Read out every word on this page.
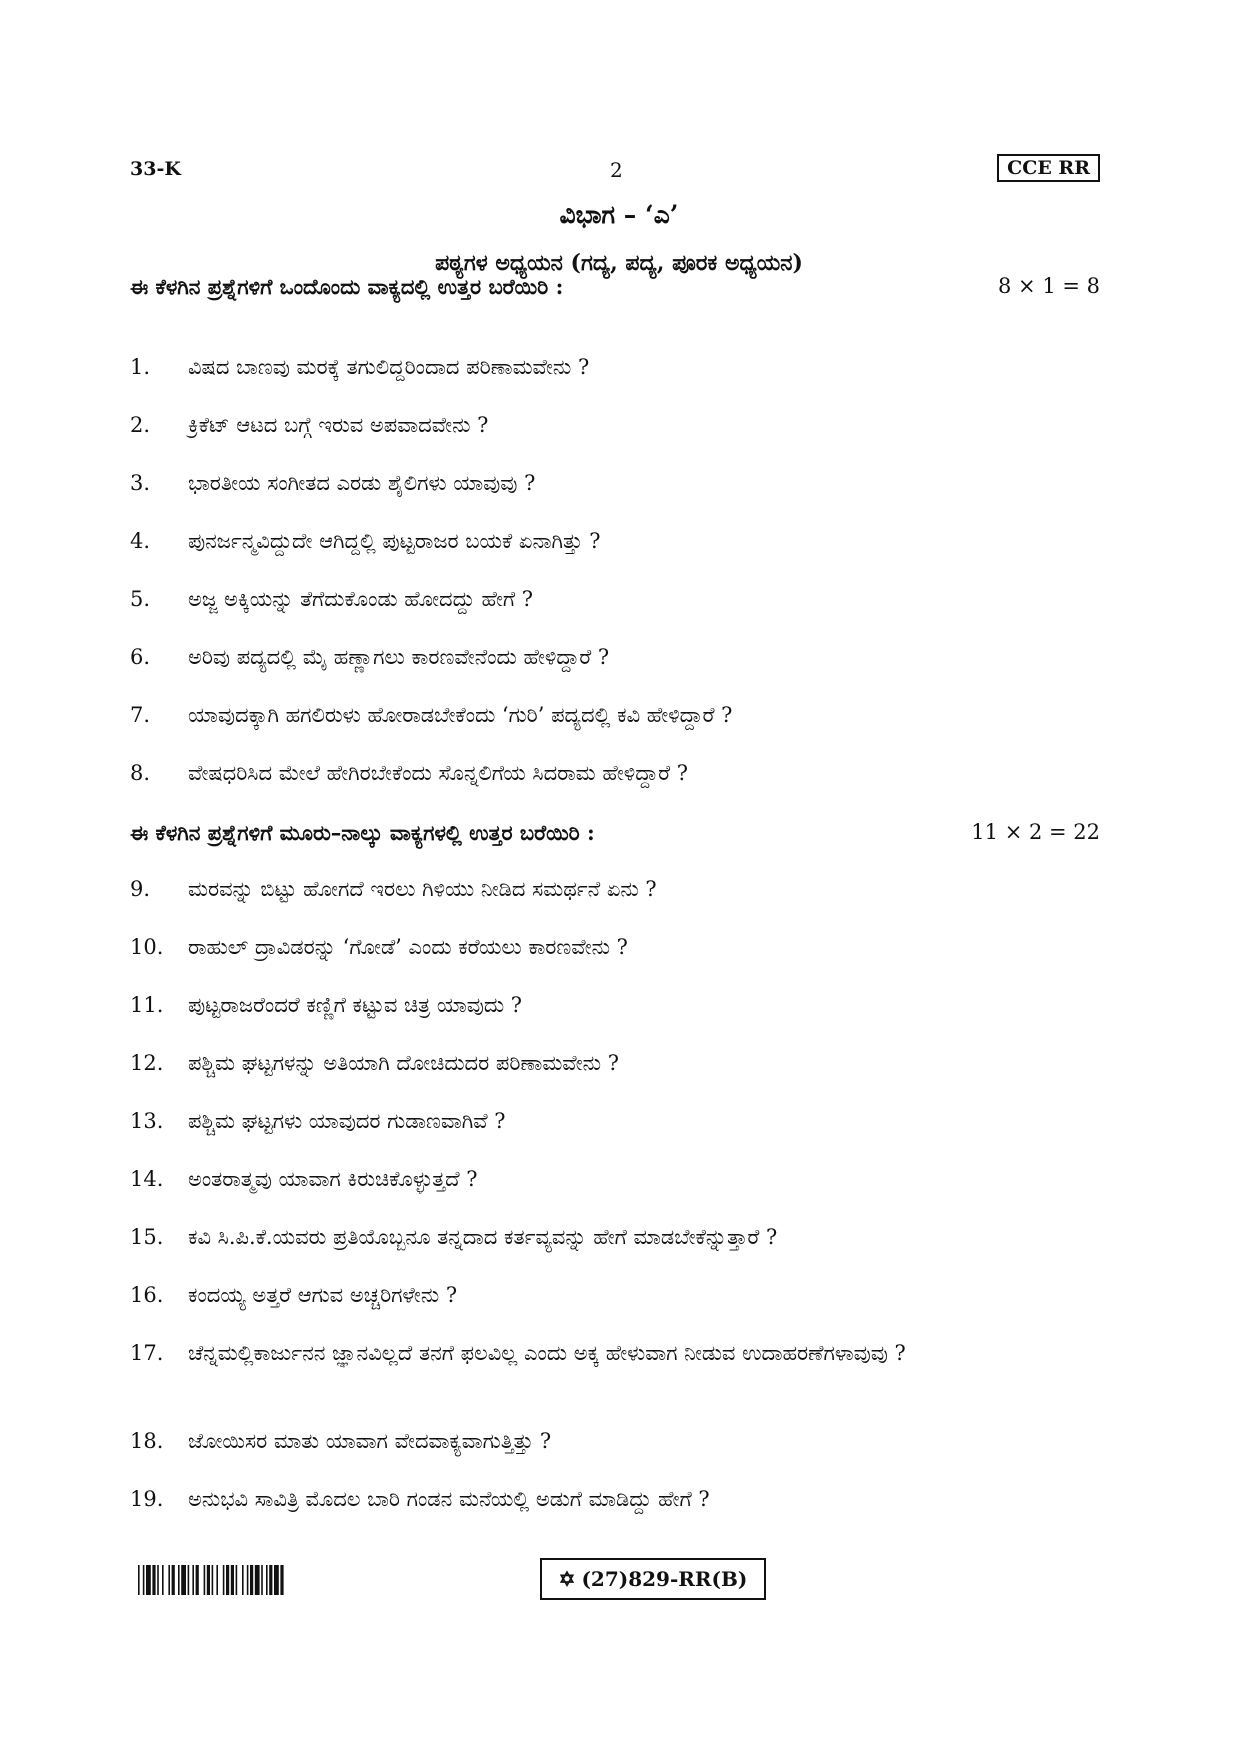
33-K	2	CCE RR
ವಿಭಾಗ – ‘ಎ’
ಪಠ್ಯಗಳ ಅಧ್ಯಯನ (ಗದ್ಯ, ಪದ್ಯ, ಪೂರಕ ಅಧ್ಯಯನ)
ಈ ಕೆಳಗಿನ ಪ್ರಶ್ನೆಗಳಿಗೆ ಒಂದೊಂದು ವಾಕ್ಯದಲ್ಲಿ ಉತ್ತರ ಬರೆಯಿರಿ :	8 × 1 = 8
1.	ವಿಷದ ಬಾಣವು ಮರಕ್ಕೆ ತಗುಲಿದ್ದರಿಂದಾದ ಪರಿಣಾಮವೇನು ?
2.	ಕ್ರಿಕೆಟ್ ಆಟದ ಬಗ್ಗೆ ಇರುವ ಅಪವಾದವೇನು ?
3.	ಭಾರತೀಯ ಸಂಗೀತದ ಎರಡು ಶೈಲಿಗಳು ಯಾವುವು ?
4.	ಪುನರ್ಜನ್ಮವಿದ್ದುದೇ ಆಗಿದ್ದಲ್ಲಿ ಪುಟ್ಟರಾಜರ ಬಯಕೆ ಏನಾಗಿತ್ತು ?
5.	ಅಜ್ಜ ಅಕ್ಕಿಯನ್ನು ತೆಗೆದುಕೊಂಡು ಹೋದದ್ದು ಹೇಗೆ ?
6.	ಅರಿವು ಪದ್ಯದಲ್ಲಿ ಮೈ ಹಣ್ಣಾಗಲು ಕಾರಣವೇನೆಂದು ಹೇಳಿದ್ದಾರೆ ?
7.	ಯಾವುದಕ್ಕಾಗಿ ಹಗಲಿರುಳು ಹೋರಾಡಬೇಕೆಂದು ‘ಗುರಿ’ ಪದ್ಯದಲ್ಲಿ ಕವಿ ಹೇಳಿದ್ದಾರೆ ?
8.	ವೇಷಧರಿಸಿದ ಮೇಲೆ ಹೇಗಿರಬೇಕೆಂದು ಸೊನ್ನಲಿಗೆಯ ಸಿದರಾಮ ಹೇಳಿದ್ದಾರೆ ?
ಈ ಕೆಳಗಿನ ಪ್ರಶ್ನೆಗಳಿಗೆ ಮೂರು–ನಾಲ್ಕು ವಾಕ್ಯಗಳಲ್ಲಿ ಉತ್ತರ ಬರೆಯಿರಿ :	11 × 2 = 22
9.	ಮರವನ್ನು ಬಿಟ್ಟು ಹೋಗದೆ ಇರಲು ಗಿಳಿಯು ನೀಡಿದ ಸಮರ್ಥನೆ ಏನು ?
10.	ರಾಹುಲ್ ದ್ರಾವಿಡರನ್ನು ‘ಗೋಡೆ’ ಎಂದು ಕರೆಯಲು ಕಾರಣವೇನು ?
11.	ಪುಟ್ಟರಾಜರೆಂದರೆ ಕಣ್ಣಿಗೆ ಕಟ್ಟುವ ಚಿತ್ರ ಯಾವುದು ?
12.	ಪಶ್ಚಿಮ ಘಟ್ಟಗಳನ್ನು ಅತಿಯಾಗಿ ದೋಚಿದುದರ ಪರಿಣಾಮವೇನು ?
13.	ಪಶ್ಚಿಮ ಘಟ್ಟಗಳು ಯಾವುದರ ಗುಡಾಣವಾಗಿವೆ ?
14.	ಅಂತರಾತ್ಮವು ಯಾವಾಗ ಕಿರುಚಿಕೊಳ್ಳುತ್ತದೆ ?
15.	ಕವಿ ಸಿ.ಪಿ.ಕೆ.ಯವರು ಪ್ರತಿಯೊಬ್ಬನೂ ತನ್ನದಾದ ಕರ್ತವ್ಯವನ್ನು ಹೇಗೆ ಮಾಡಬೇಕೆನ್ನುತ್ತಾರೆ ?
16.	ಕಂದಯ್ಯ ಅತ್ತರೆ ಆಗುವ ಅಚ್ಚರಿಗಳೇನು ?
17.	ಚೆನ್ನಮಲ್ಲಿಕಾರ್ಜುನನ ಜ್ಞಾನವಿಲ್ಲದೆ ತನಗೆ ಫಲವಿಲ್ಲ ಎಂದು ಅಕ್ಕ ಹೇಳುವಾಗ ನೀಡುವ ಉದಾಹರಣೆಗಳಾವುವು ?
18.	ಜೋಯಿಸರ ಮಾತು ಯಾವಾಗ ವೇದವಾಕ್ಯವಾಗುತ್ತಿತ್ತು ?
19.	ಅನುಭವಿ ಸಾವಿತ್ರಿ ಮೊದಲ ಬಾರಿ ಗಂಡನ ಮನೆಯಲ್ಲಿ ಅಡುಗೆ ಮಾಡಿದ್ದು ಹೇಗೆ ?
✡ (27)829-RR(B)
